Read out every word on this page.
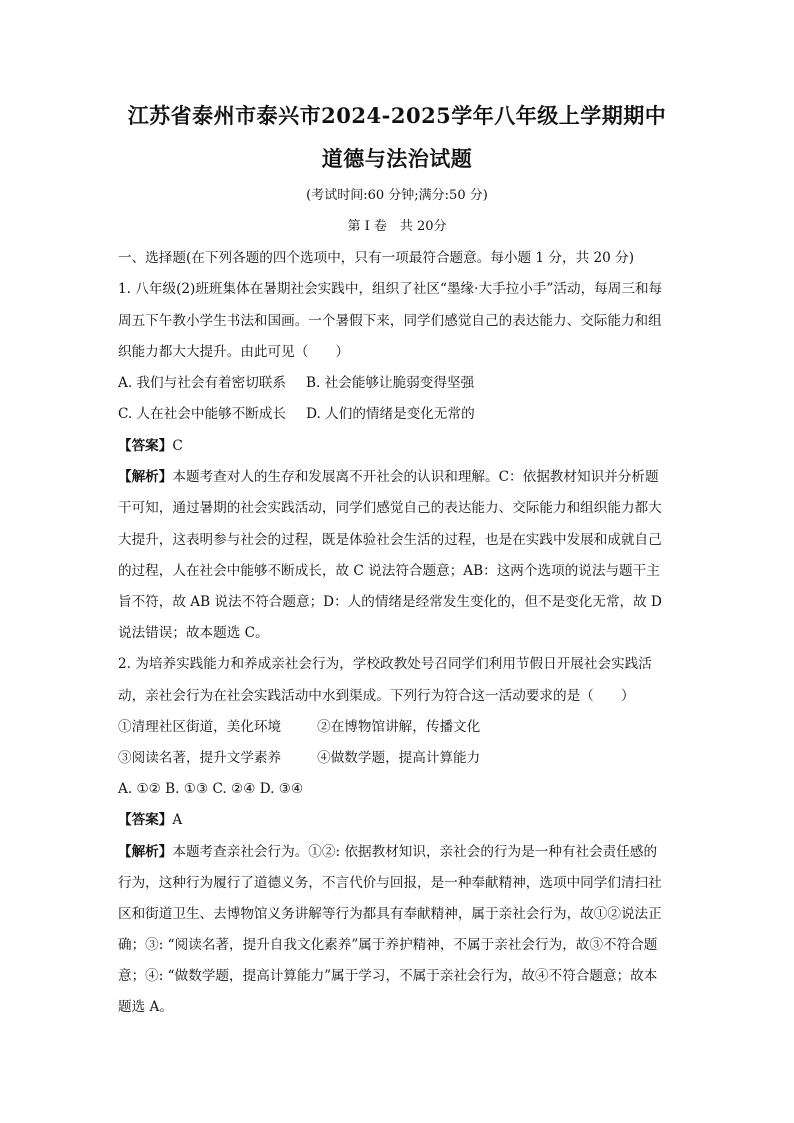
江苏省泰州市泰兴市2024-2025学年八年级上学期期中
道德与法治试题
(考试时间:60 分钟;满分:50 分)
第 I 卷　共 20分
一、选择题(在下列各题的四个选项中，只有一项最符合题意。每小题 1 分，共 20 分)
1. 八年级(2)班班集体在暑期社会实践中，组织了社区“墨缘·大手拉小手”活动，每周三和每
周五下午教小学生书法和国画。一个暑假下来，同学们感觉自己的表达能力、交际能力和组
织能力都大大提升。由此可见（　　）
A. 我们与社会有着密切联系 B. 社会能够让脆弱变得坚强
C. 人在社会中能够不断成长 D. 人们的情绪是变化无常的
【答案】C
【解析】本题考查对人的生存和发展离不开社会的认识和理解。C：依据教材知识并分析题
干可知，通过暑期的社会实践活动，同学们感觉自己的表达能力、交际能力和组织能力都大
大提升，这表明参与社会的过程，既是体验社会生活的过程，也是在实践中发展和成就自己
的过程，人在社会中能够不断成长，故 C 说法符合题意；AB：这两个选项的说法与题干主
旨不符，故 AB 说法不符合题意；D：人的情绪是经常发生变化的，但不是变化无常，故 D
说法错误；故本题选 C。
2. 为培养实践能力和养成亲社会行为，学校政教处号召同学们利用节假日开展社会实践活
动，亲社会行为在社会实践活动中水到渠成。下列行为符合这一活动要求的是（　　）
①清理社区街道，美化环境	②在博物馆讲解，传播文化
③阅读名著，提升文学素养	④做数学题，提高计算能力
A. ①② B. ①③ C. ②④ D. ③④
【答案】A
【解析】本题考查亲社会行为。①②: 依据教材知识，亲社会的行为是一种有社会责任感的
行为，这种行为履行了道德义务，不言代价与回报，是一种奉献精神，选项中同学们清扫社
区和街道卫生、去博物馆义务讲解等行为都具有奉献精神，属于亲社会行为，故①②说法正
确；③: “阅读名著，提升自我文化素养”属于养护精神，不属于亲社会行为，故③不符合题
意；④: “做数学题，提高计算能力”属于学习，不属于亲社会行为，故④不符合题意；故本
题选 A。
